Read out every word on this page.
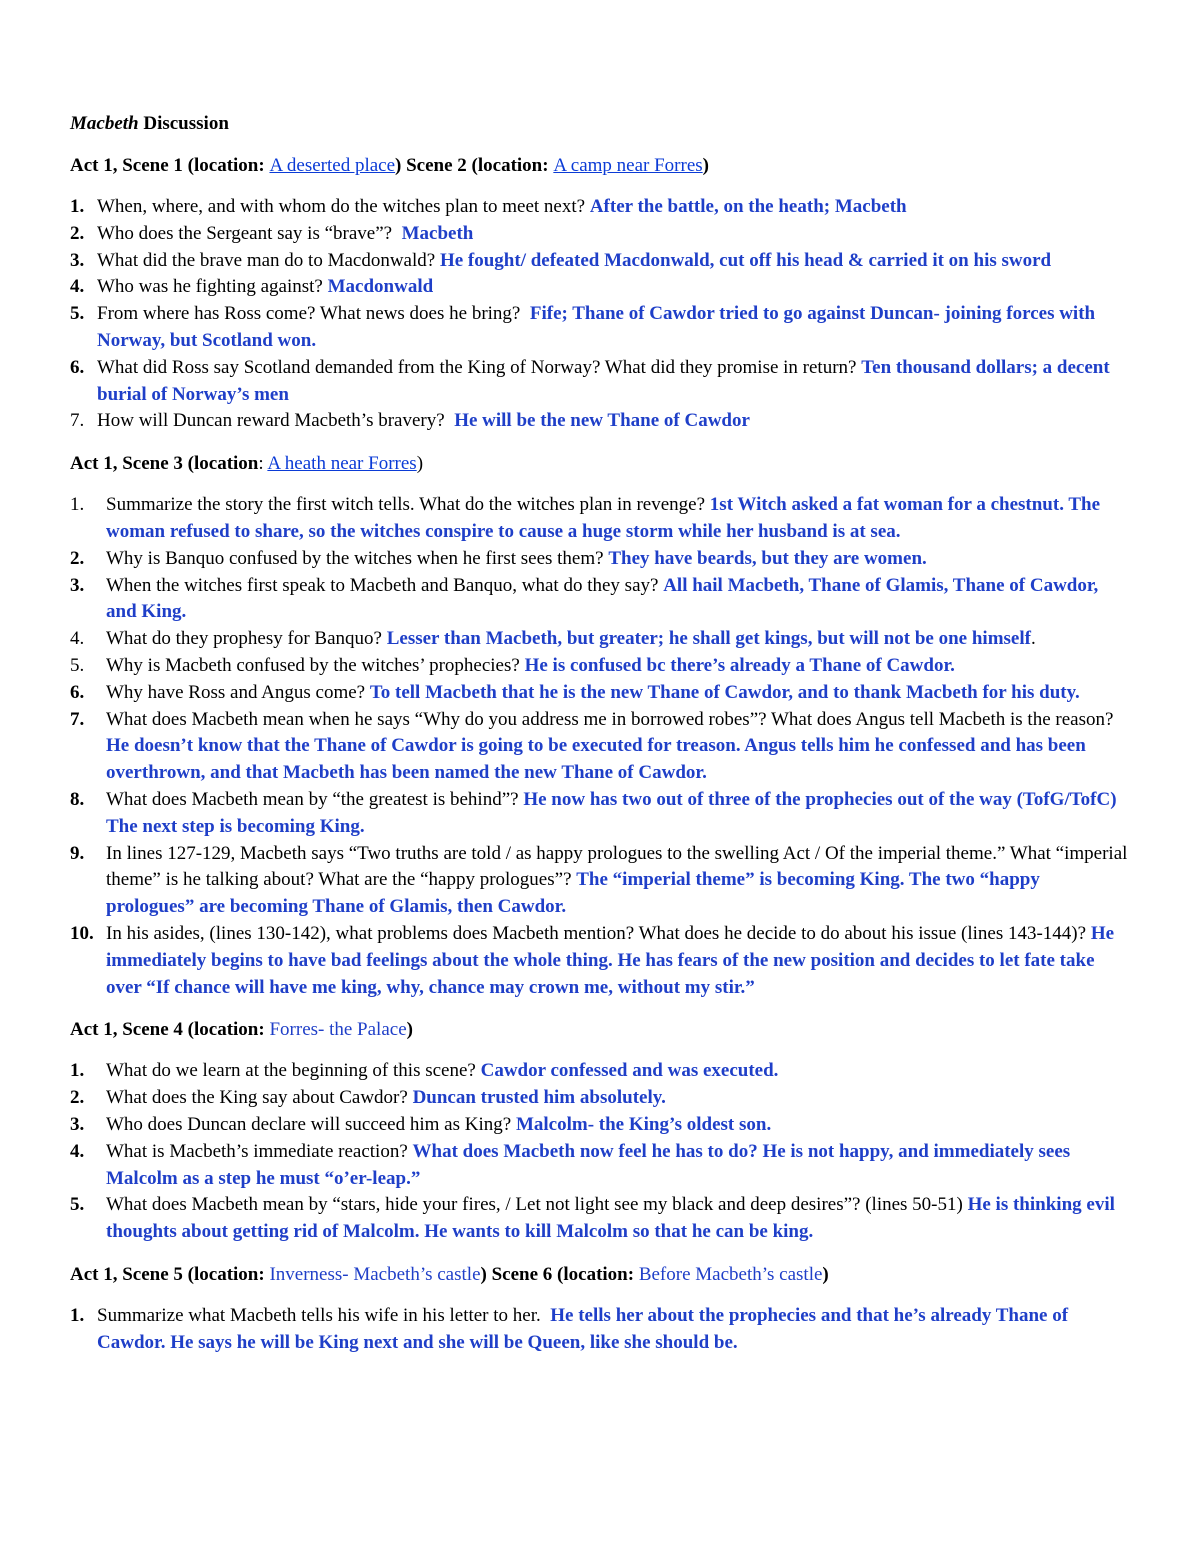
Macbeth Discussion
Act 1, Scene 1 (location: A deserted place) Scene 2 (location: A camp near Forres)
1. When, where, and with whom do the witches plan to meet next? After the battle, on the heath; Macbeth
2. Who does the Sergeant say is “brave”? Macbeth
3. What did the brave man do to Macdonwald? He fought/ defeated Macdonwald, cut off his head & carried it on his sword
4. Who was he fighting against? Macdonwald
5. From where has Ross come? What news does he bring? Fife; Thane of Cawdor tried to go against Duncan- joining forces with Norway, but Scotland won.
6. What did Ross say Scotland demanded from the King of Norway? What did they promise in return? Ten thousand dollars; a decent burial of Norway’s men
7. How will Duncan reward Macbeth’s bravery? He will be the new Thane of Cawdor
Act 1, Scene 3 (location: A heath near Forres)
1. Summarize the story the first witch tells. What do the witches plan in revenge? 1st Witch asked a fat woman for a chestnut. The woman refused to share, so the witches conspire to cause a huge storm while her husband is at sea.
2. Why is Banquo confused by the witches when he first sees them? They have beards, but they are women.
3. When the witches first speak to Macbeth and Banquo, what do they say? All hail Macbeth, Thane of Glamis, Thane of Cawdor, and King.
4. What do they prophesy for Banquo? Lesser than Macbeth, but greater; he shall get kings, but will not be one himself.
5. Why is Macbeth confused by the witches’ prophecies? He is confused bc there’s already a Thane of Cawdor.
6. Why have Ross and Angus come? To tell Macbeth that he is the new Thane of Cawdor, and to thank Macbeth for his duty.
7. What does Macbeth mean when he says “Why do you address me in borrowed robes”? What does Angus tell Macbeth is the reason? He doesn’t know that the Thane of Cawdor is going to be executed for treason. Angus tells him he confessed and has been overthrown, and that Macbeth has been named the new Thane of Cawdor.
8. What does Macbeth mean by “the greatest is behind”? He now has two out of three of the prophecies out of the way (TofG/TofC) The next step is becoming King.
9. In lines 127-129, Macbeth says “Two truths are told / as happy prologues to the swelling Act / Of the imperial theme.” What “imperial theme” is he talking about? What are the “happy prologues”? The “imperial theme” is becoming King. The two “happy prologues” are becoming Thane of Glamis, then Cawdor.
10. In his asides, (lines 130-142), what problems does Macbeth mention? What does he decide to do about his issue (lines 143-144)? He immediately begins to have bad feelings about the whole thing. He has fears of the new position and decides to let fate take over “If chance will have me king, why, chance may crown me, without my stir.”
Act 1, Scene 4 (location: Forres- the Palace)
1. What do we learn at the beginning of this scene? Cawdor confessed and was executed.
2. What does the King say about Cawdor? Duncan trusted him absolutely.
3. Who does Duncan declare will succeed him as King? Malcolm- the King’s oldest son.
4. What is Macbeth’s immediate reaction? What does Macbeth now feel he has to do? He is not happy, and immediately sees Malcolm as a step he must “o’er-leap.”
5. What does Macbeth mean by “stars, hide your fires, / Let not light see my black and deep desires”? (lines 50-51) He is thinking evil thoughts about getting rid of Malcolm. He wants to kill Malcolm so that he can be king.
Act 1, Scene 5 (location: Inverness- Macbeth’s castle) Scene 6 (location: Before Macbeth’s castle)
1. Summarize what Macbeth tells his wife in his letter to her. He tells her about the prophecies and that he’s already Thane of Cawdor. He says he will be King next and she will be Queen, like she should be.
